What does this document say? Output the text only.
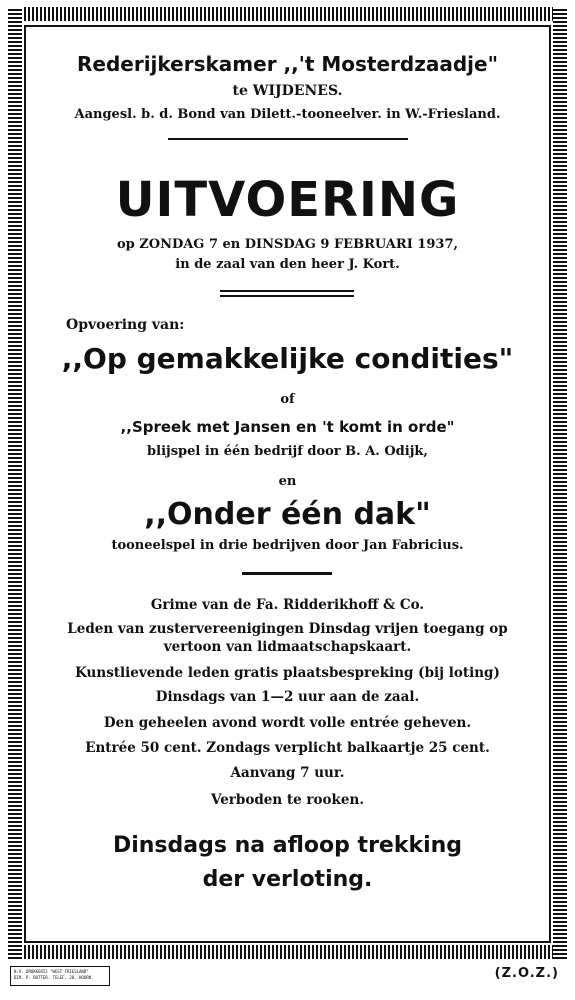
Rederijkerskamer ,,'t Mosterdzaadje"
te WIJDENES.
Aangesl. b. d. Bond van Dilett.-tooneelver. in W.-Friesland.
UITVOERING
op ZONDAG 7 en DINSDAG 9 FEBRUARI 1937,
in de zaal van den heer J. Kort.
Opvoering van:
,,Op gemakkelijke condities"
of
,,Spreek met Jansen en 't komt in orde"
blijspel in één bedrijf door B. A. Odijk,
en
,,Onder één dak"
tooneelspel in drie bedrijven door Jan Fabricius.
Grime van de Fa. Ridderikhoff & Co.
Leden van zustervereenigingen Dinsdag vrijen toegang op
vertoon van lidmaatschapskaart.
Kunstlievende leden gratis plaatsbespreking (bij loting)
Dinsdags van 1—2 uur aan de zaal.
Den geheelen avond wordt volle entrée geheven.
Entrée 50 cent. Zondags verplicht balkaartje 25 cent.
Aanvang 7 uur.
Verboden te rooken.
Dinsdags na afloop trekking
der verloting.
N.V. DRUKKERIJ "WEST FRIESLAND"
DIR. P. BUTTER. TELEF. 20. HOORN	(Z.O.Z.)
